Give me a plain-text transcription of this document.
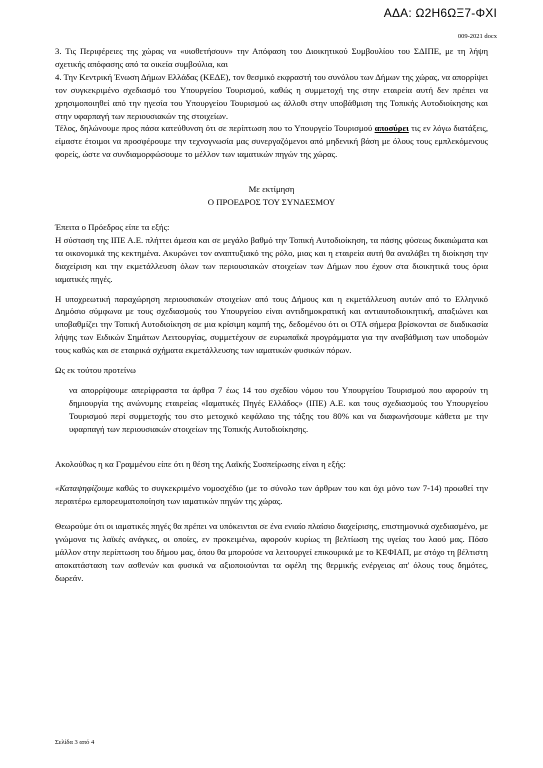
ΑΔΑ: Ω2Η6ΩΞ7-ΦΧΙ
009-2021 docx

3. Τις Περιφέρειες της χώρας να «υιοθετήσουν» την Απόφαση του Διοικητικού Συμβουλίου του ΣΔΙΠΕ, με τη λήψη σχετικής απόφασης από τα οικεία συμβούλια, και

4. Την Κεντρική Ένωση Δήμων Ελλάδας (ΚΕΔΕ), τον θεσμικό εκφραστή του συνόλου των Δήμων της χώρας, να απορρίψει τον συγκεκριμένο σχεδιασμό του Υπουργείου Τουρισμού, καθώς η συμμετοχή της στην εταιρεία αυτή δεν πρέπει να χρησιμοποιηθεί από την ηγεσία του Υπουργείου Τουρισμού ως άλλοθι στην υποβάθμιση της Τοπικής Αυτοδιοίκησης και στην υφαρπαγή των περιουσιακών της στοιχείων.

Τέλος, δηλώνουμε προς πάσα κατεύθυνση ότι σε περίπτωση που το Υπουργείο Τουρισμού αποσύρει τις εν λόγω διατάξεις, είμαστε έτοιμοι να προσφέρουμε την τεχνογνωσία μας συνεργαζόμενοι από μηδενική βάση με όλους τους εμπλεκόμενους φορείς, ώστε να συνδιαμορφώσουμε το μέλλον των ιαματικών πηγών της χώρας.

Με εκτίμηση

Ο ΠΡΟΕΔΡΟΣ ΤΟΥ ΣΥΝΔΕΣΜΟΥ

Έπειτα ο Πρόεδρος είπε τα εξής:

Η σύσταση της ΙΠΕ Α.Ε. πλήττει άμεσα και σε μεγάλο βαθμό την Τοπική Αυτοδιοίκηση, τα πάσης φύσεως δικαιώματα και τα οικονομικά της κεκτημένα. Ακυρώνει τον αναπτυξιακό της ρόλο, μιας και η εταιρεία αυτή θα αναλάβει τη διοίκηση την διαχείριση και την εκμετάλλευση όλων των περιουσιακών στοιχείων των Δήμων που έχουν στα διοικητικά τους όρια ιαματικές πηγές.

Η υποχρεωτική παραχώρηση περιουσιακών στοιχείων από τους Δήμους και η εκμετάλλευση αυτών από το Ελληνικό Δημόσιο σύμφωνα με τους σχεδιασμούς του Υπουργείου είναι αντιδημοκρατική και αντιαυτοδιοικητική, απαξιώνει και υποβαθμίζει την Τοπική Αυτοδιοίκηση σε μια κρίσιμη καμπή της, δεδομένου ότι οι ΟΤΑ σήμερα βρίσκονται σε διαδικασία λήψης των Ειδικών Σημάτων Λειτουργίας, συμμετέχουν σε ευρωπαϊκά προγράμματα για την αναβάθμιση των υποδομών τους καθώς και σε εταιρικά σχήματα εκμετάλλευσης των ιαματικών φυσικών πόρων.

Ως εκ τούτου προτείνω

να απορρίψουμε απερίφραστα τα άρθρα 7 έως 14 του σχεδίου νόμου του Υπουργείου Τουρισμού που αφορούν τη δημιουργία της ανώνυμης εταιρείας «Ιαματικές Πηγές Ελλάδος» (ΙΠΕ) Α.Ε. και τους σχεδιασμούς του Υπουργείου Τουρισμού περί συμμετοχής του στο μετοχικό κεφάλαιο της τάξης του 80% και να διαφωνήσουμε κάθετα με την υφαρπαγή των περιουσιακών στοιχείων της Τοπικής Αυτοδιοίκησης.

Ακολούθως η κα Γραμμένου είπε ότι η θέση της Λαϊκής Συσπείρωσης είναι η εξής:

«Καταψηφίζουμε καθώς το συγκεκριμένο νομοσχέδιο (με το σύνολο των άρθρων του και όχι μόνο των 7-14) προωθεί την περαιτέρω εμπορευματοποίηση των ιαματικών πηγών της χώρας.

Θεωρούμε ότι οι ιαματικές πηγές θα πρέπει να υπόκεινται σε ένα ενιαίο πλαίσιο διαχείρισης, επιστημονικά σχεδιασμένο, με γνώμονα τις λαϊκές ανάγκες, οι οποίες, εν προκειμένω, αφορούν κυρίως τη βελτίωση της υγείας του λαού μας. Πόσο μάλλον στην περίπτωση του δήμου μας, όπου θα μπορούσε να λειτουργεί επικουρικά με το ΚΕΦΙΑΠ, με στόχο τη βέλτιστη αποκατάσταση των ασθενών και φυσικά να αξιοποιούνται τα οφέλη της θερμικής ενέργειας απ' όλους τους δημότες, δωρεάν.

Σελίδα 3 από 4
